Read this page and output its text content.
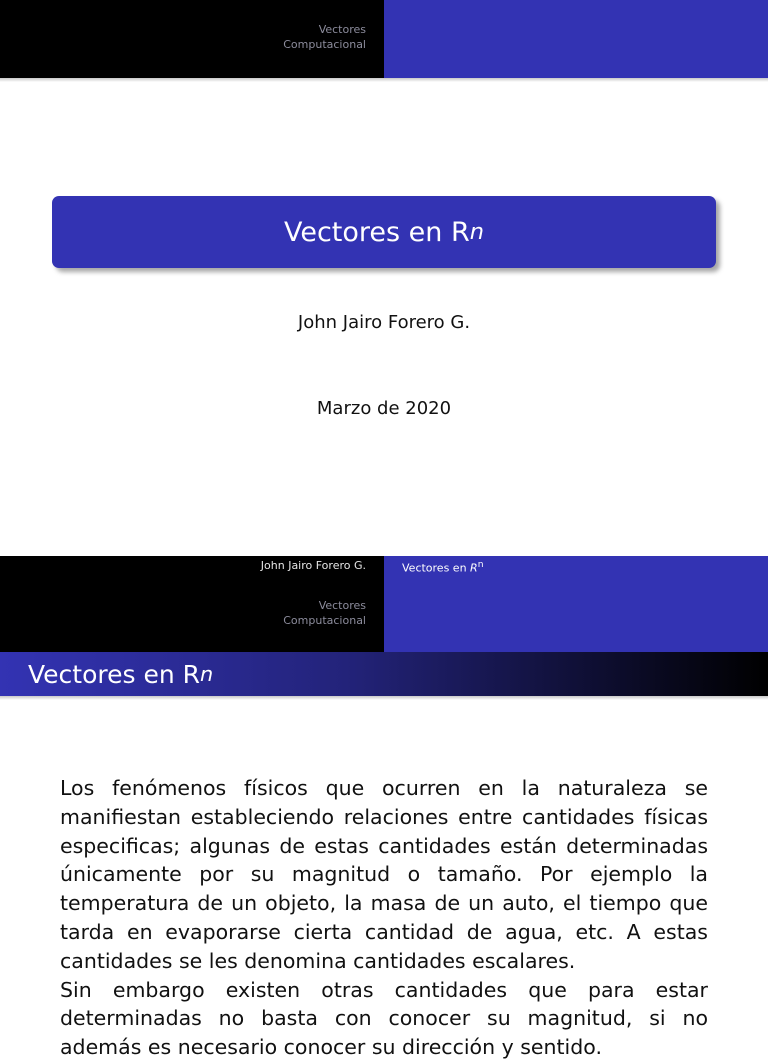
Vectores
Computacional
Vectores en R n
John Jairo Forero G.
Marzo de 2020
John Jairo Forero G.	Vectores en $R^n$
Vectores
Computacional
Vectores en R n

Los fenómenos físicos que ocurren en la naturaleza se manifiestan estableciendo relaciones entre cantidades físicas especificas; algunas de estas cantidades están determinadas únicamente por su magnitud o tamaño. Por ejemplo la temperatura de un objeto, la masa de un auto, el tiempo que tarda en evaporarse cierta cantidad de agua, etc. A estas cantidades se les denomina cantidades escalares.

Sin embargo existen otras cantidades que para estar determinadas no basta con conocer su magnitud, si no además es necesario conocer su dirección y sentido.
